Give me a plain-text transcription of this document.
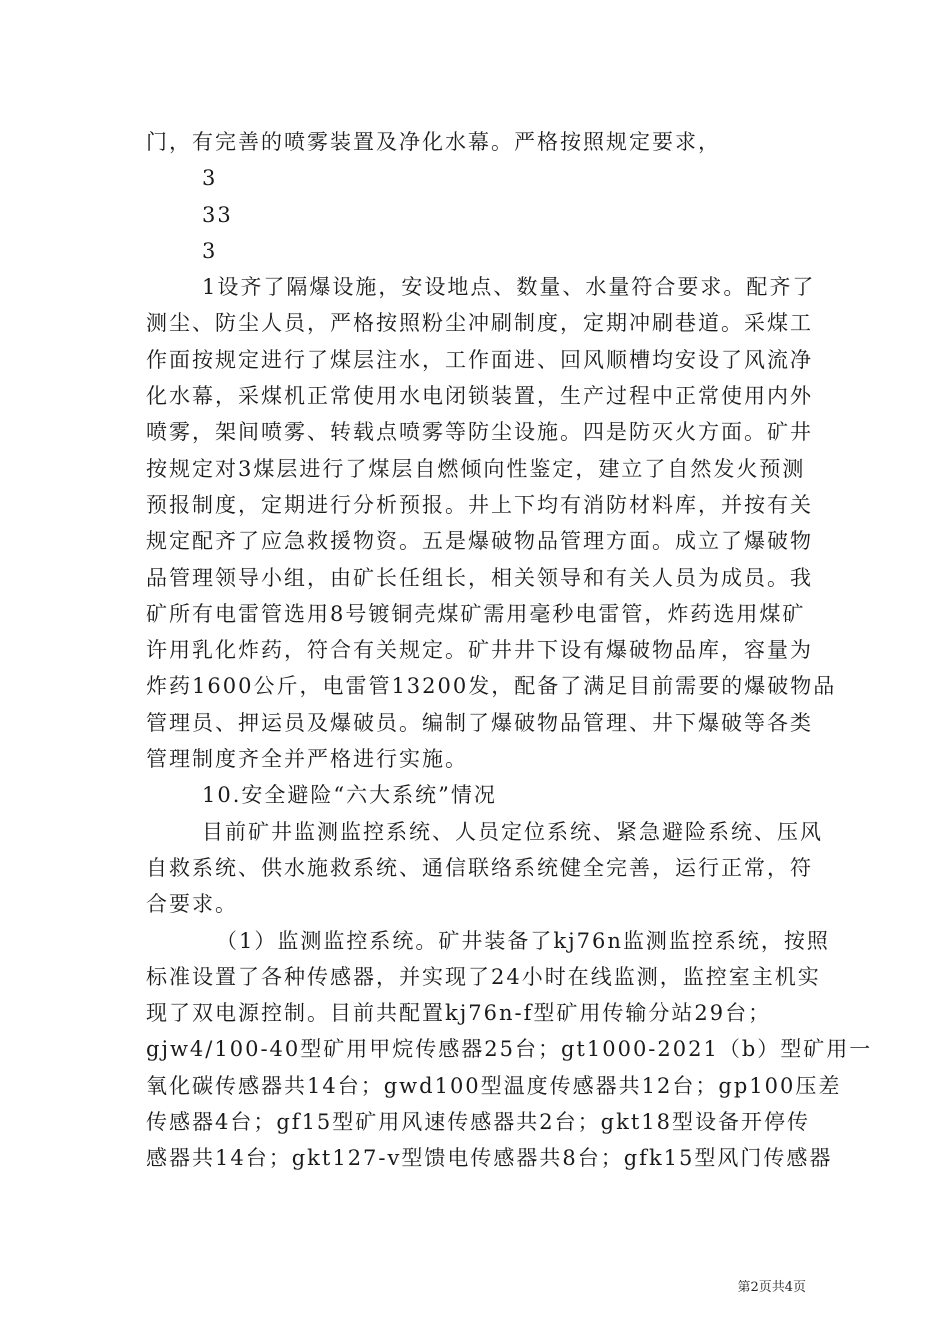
门，有完善的喷雾装置及净化水幕。严格按照规定要求，
3
33
3
1设齐了隔爆设施，安设地点、数量、水量符合要求。配齐了
测尘、防尘人员，严格按照粉尘冲刷制度，定期冲刷巷道。采煤工
作面按规定进行了煤层注水，工作面进、回风顺槽均安设了风流净
化水幕，采煤机正常使用水电闭锁装置，生产过程中正常使用内外
喷雾，架间喷雾、转载点喷雾等防尘设施。四是防灭火方面。矿井
按规定对3煤层进行了煤层自燃倾向性鉴定，建立了自然发火预测
预报制度，定期进行分析预报。井上下均有消防材料库，并按有关
规定配齐了应急救援物资。五是爆破物品管理方面。成立了爆破物
品管理领导小组，由矿长任组长，相关领导和有关人员为成员。我
矿所有电雷管选用8号镀铜壳煤矿需用毫秒电雷管，炸药选用煤矿
许用乳化炸药，符合有关规定。矿井井下设有爆破物品库，容量为
炸药1600公斤，电雷管13200发，配备了满足目前需要的爆破物品
管理员、押运员及爆破员。编制了爆破物品管理、井下爆破等各类
管理制度齐全并严格进行实施。
10.安全避险“六大系统”情况
目前矿井监测监控系统、人员定位系统、紧急避险系统、压风
自救系统、供水施救系统、通信联络系统健全完善，运行正常，符
合要求。
（1）监测监控系统。矿井装备了kj76n监测监控系统，按照
标准设置了各种传感器，并实现了24小时在线监测，监控室主机实
现了双电源控制。目前共配置kj76n-f型矿用传输分站29台；
gjw4/100-40型矿用甲烷传感器25台；gt1000-2021（b）型矿用一
氧化碳传感器共14台；gwd100型温度传感器共12台；gp100压差
传感器4台；gf15型矿用风速传感器共2台；gkt18型设备开停传
感器共14台；gkt127-v型馈电传感器共8台；gfk15型风门传感器
第2页共4页
